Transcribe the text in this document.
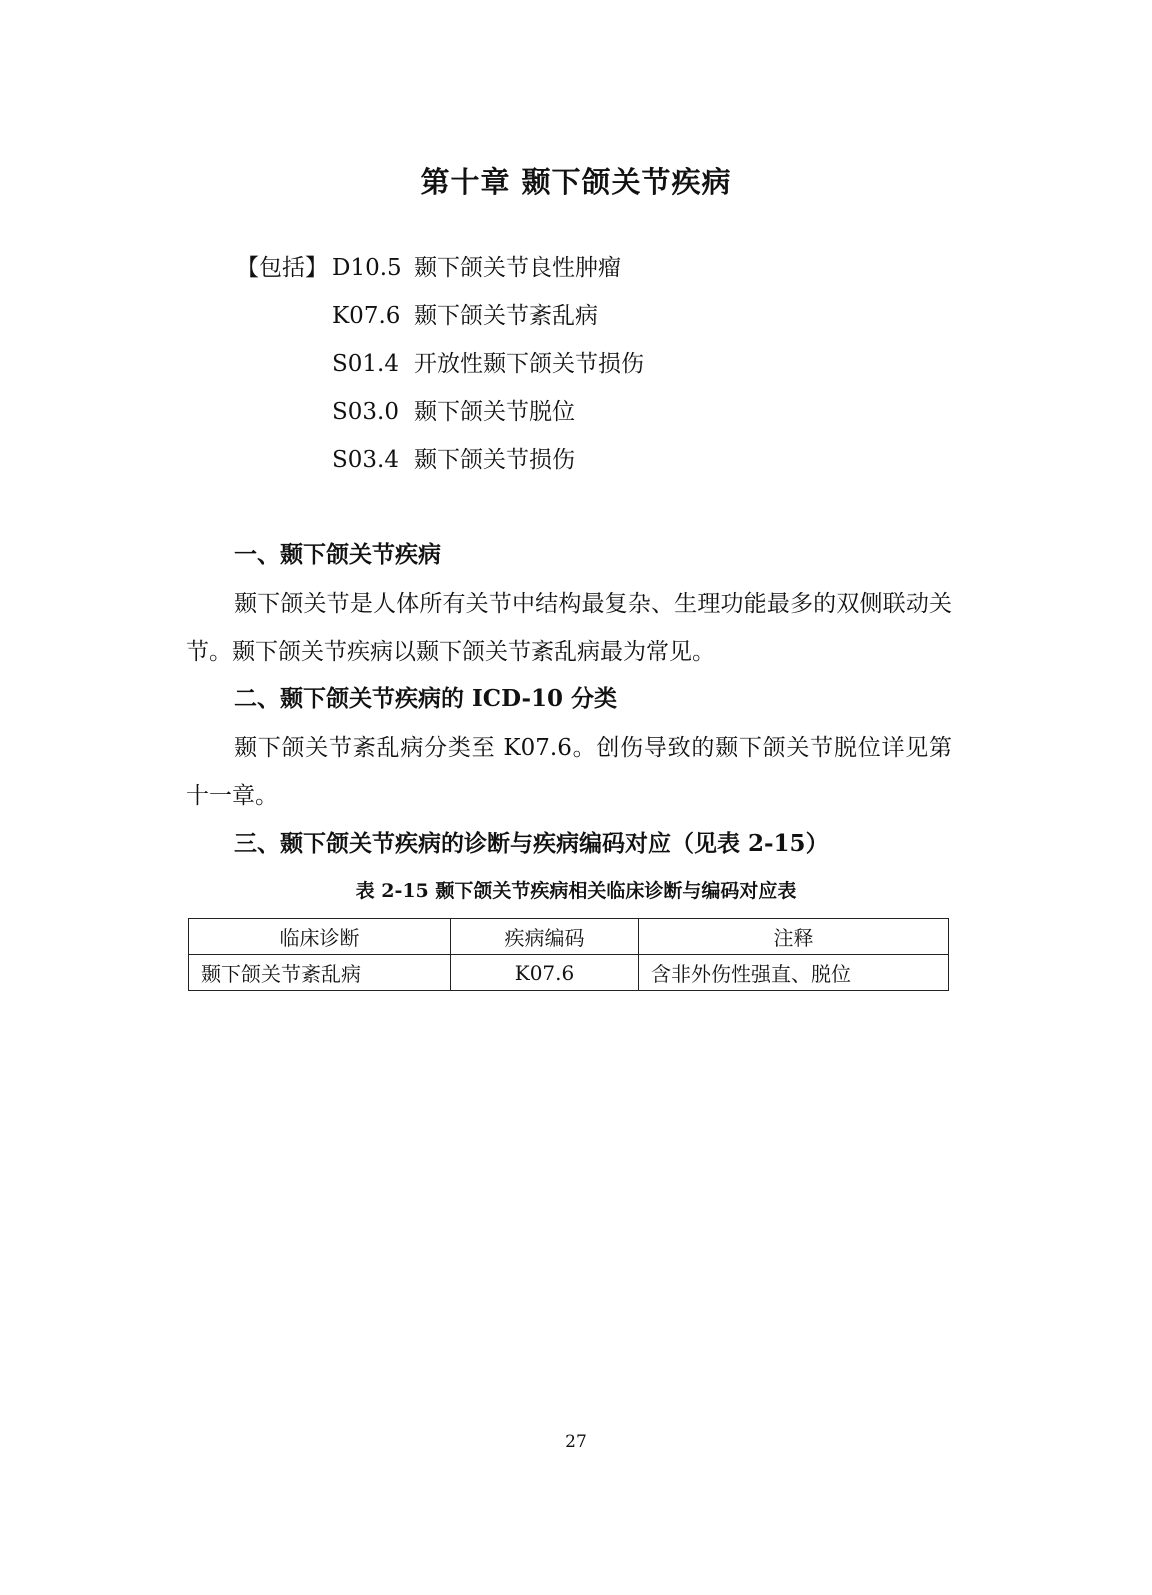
第十章 颞下颌关节疾病
【包括】 D10.5 颞下颌关节良性肿瘤
K07.6 颞下颌关节紊乱病
S01.4 开放性颞下颌关节损伤
S03.0 颞下颌关节脱位
S03.4 颞下颌关节损伤
一、颞下颌关节疾病
颞下颌关节是人体所有关节中结构最复杂、生理功能最多的双侧联动关节。颞下颌关节疾病以颞下颌关节紊乱病最为常见。
二、颞下颌关节疾病的 ICD-10 分类
颞下颌关节紊乱病分类至 K07.6。创伤导致的颞下颌关节脱位详见第十一章。
三、颞下颌关节疾病的诊断与疾病编码对应（见表 2-15）
表 2-15 颞下颌关节疾病相关临床诊断与编码对应表
临床诊断	疾病编码	注释
颞下颌关节紊乱病	K07.6	含非外伤性强直、脱位
27
